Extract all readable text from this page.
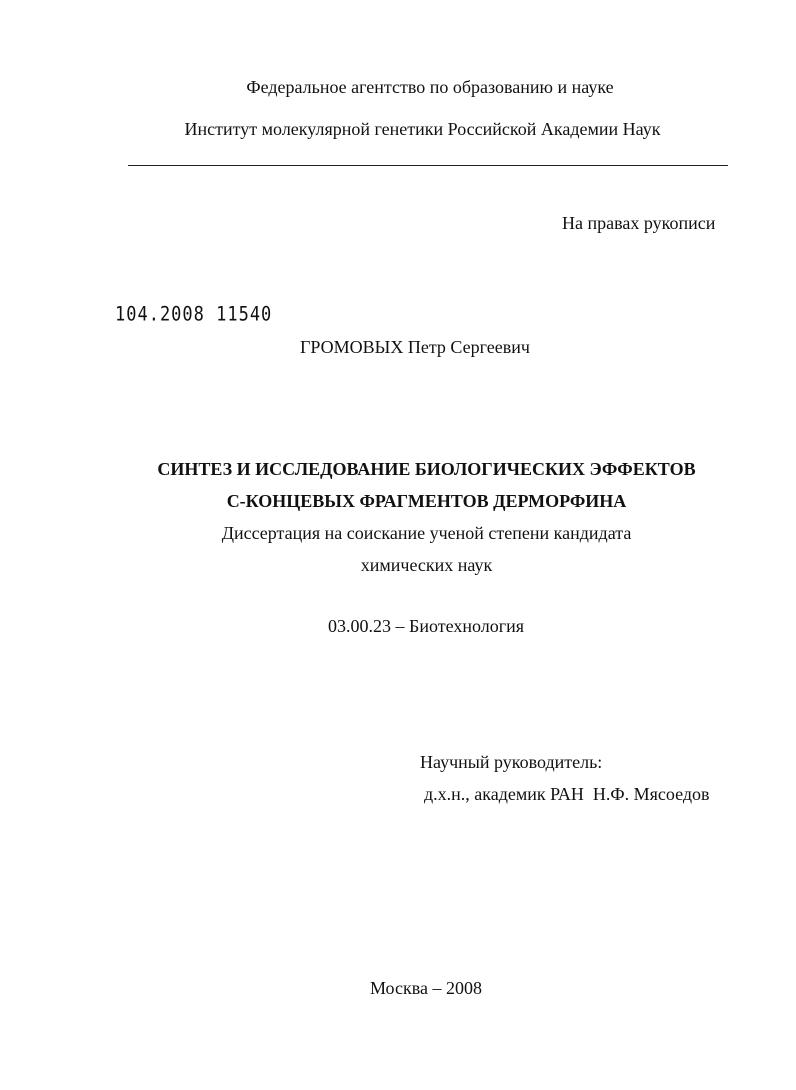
Федеральное агентство по образованию и науке
Институт молекулярной генетики Российской Академии Наук
На правах рукописи
104.2008 11540
ГРОМОВЫХ Петр Сергеевич
СИНТЕЗ И ИССЛЕДОВАНИЕ БИОЛОГИЧЕСКИХ ЭФФЕКТОВ
С-КОНЦЕВЫХ ФРАГМЕНТОВ ДЕРМОРФИНА
Диссертация на соискание ученой степени кандидата
химических наук
03.00.23 – Биотехнология
Научный руководитель:
д.х.н., академик РАН  Н.Ф. Мясоедов
Москва – 2008
